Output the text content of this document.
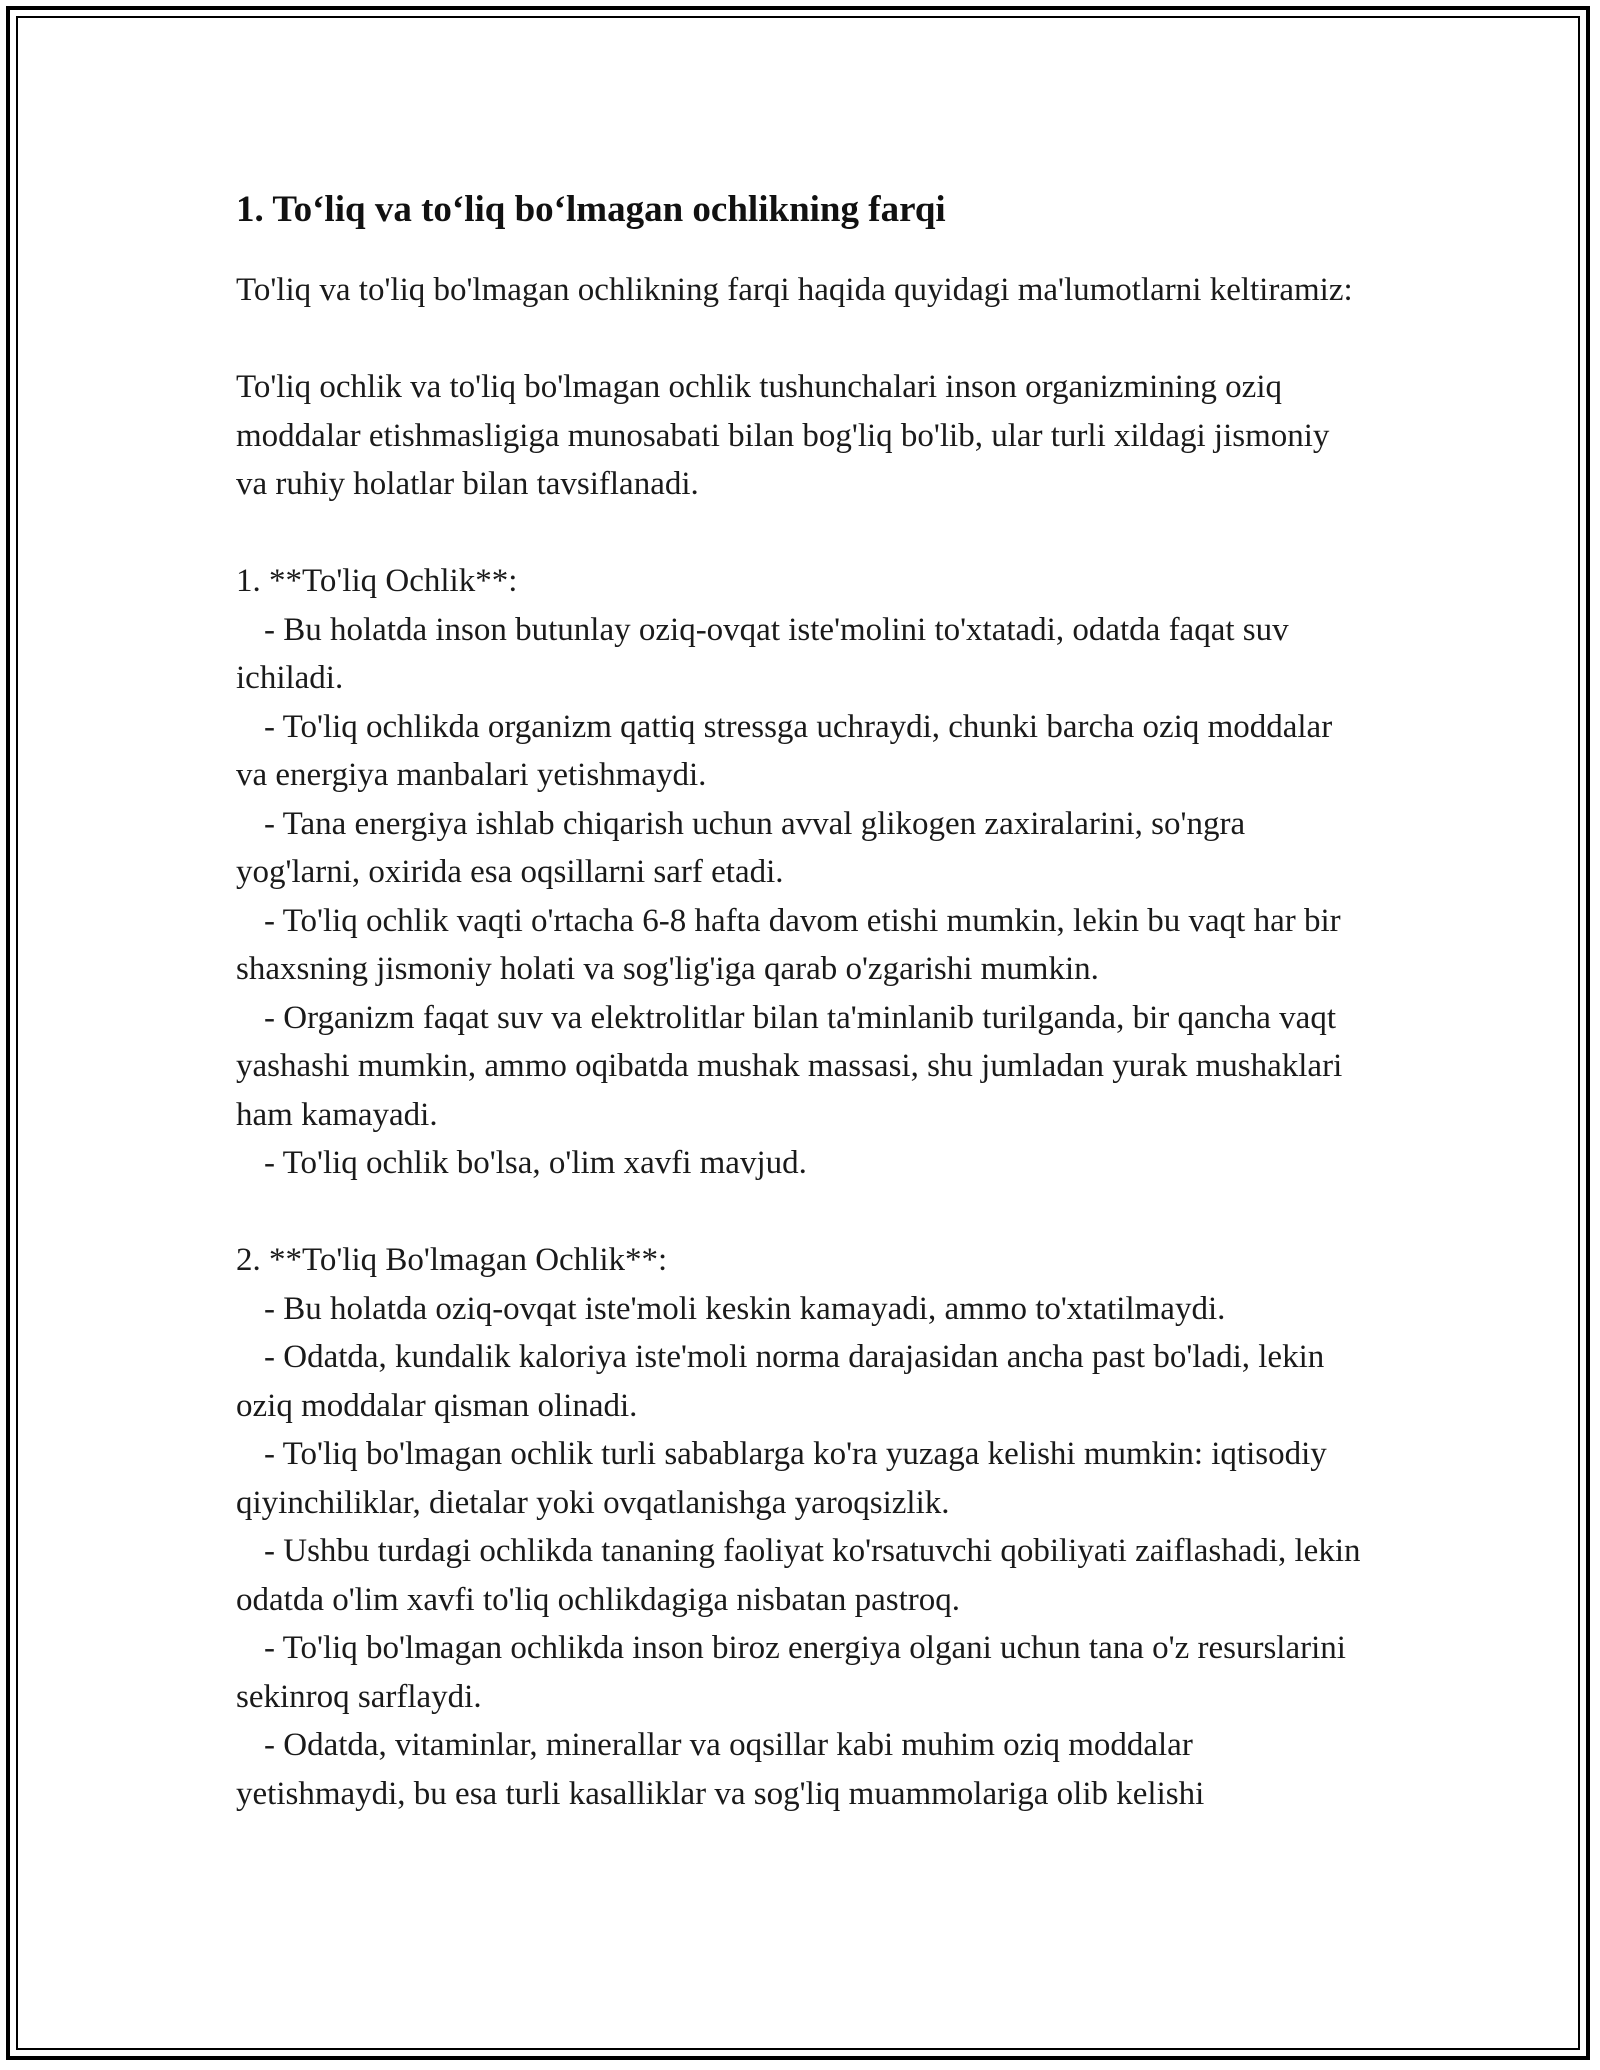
1. To‘liq va to‘liq bo‘lmagan ochlikning farqi

To'liq va to'liq bo'lmagan ochlikning farqi haqida quyidagi ma'lumotlarni keltiramiz:

To'liq ochlik va to'liq bo'lmagan ochlik tushunchalari inson organizmining oziq moddalar etishmasligiga munosabati bilan bog'liq bo'lib, ular turli xildagi jismoniy va ruhiy holatlar bilan tavsiflanadi.

1. **To'liq Ochlik**:

- Bu holatda inson butunlay oziq-ovqat iste'molini to'xtatadi, odatda faqat suv ichiladi.

- To'liq ochlikda organizm qattiq stressga uchraydi, chunki barcha oziq moddalar va energiya manbalari yetishmaydi.

- Tana energiya ishlab chiqarish uchun avval glikogen zaxiralarini, so'ngra yog'larni, oxirida esa oqsillarni sarf etadi.

- To'liq ochlik vaqti o'rtacha 6-8 hafta davom etishi mumkin, lekin bu vaqt har bir shaxsning jismoniy holati va sog'lig'iga qarab o'zgarishi mumkin.

- Organizm faqat suv va elektrolitlar bilan ta'minlanib turilganda, bir qancha vaqt yashashi mumkin, ammo oqibatda mushak massasi, shu jumladan yurak mushaklari ham kamayadi.

- To'liq ochlik bo'lsa, o'lim xavfi mavjud.

2. **To'liq Bo'lmagan Ochlik**:

- Bu holatda oziq-ovqat iste'moli keskin kamayadi, ammo to'xtatilmaydi.

- Odatda, kundalik kaloriya iste'moli norma darajasidan ancha past bo'ladi, lekin oziq moddalar qisman olinadi.

- To'liq bo'lmagan ochlik turli sabablarga ko'ra yuzaga kelishi mumkin: iqtisodiy qiyinchiliklar, dietalar yoki ovqatlanishga yaroqsizlik.

- Ushbu turdagi ochlikda tananing faoliyat ko'rsatuvchi qobiliyati zaiflashadi, lekin odatda o'lim xavfi to'liq ochlikdagiga nisbatan pastroq.

- To'liq bo'lmagan ochlikda inson biroz energiya olgani uchun tana o'z resurslarini sekinroq sarflaydi.

- Odatda, vitaminlar, minerallar va oqsillar kabi muhim oziq moddalar yetishmaydi, bu esa turli kasalliklar va sog'liq muammolariga olib kelishi
